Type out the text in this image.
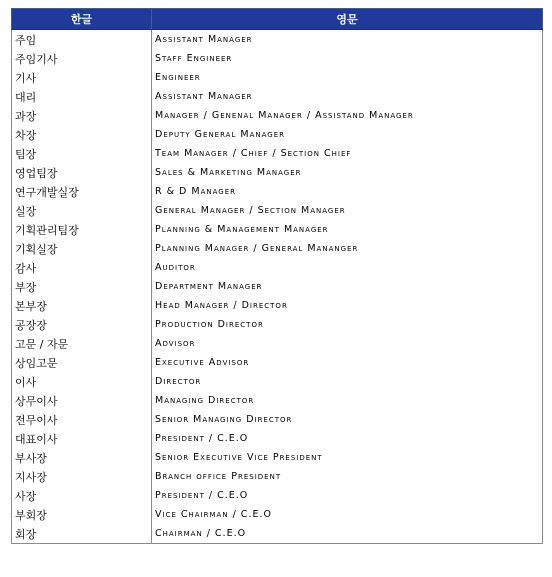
한글	영문
주임	Assistant Manager
주임기사	Staff Engineer
기사	Engineer
대리	Assistant Manager
과장	Manager / Genenal Manager / Assistand Manager
차장	Deputy General Manager
팀장	Team Manager / Chief / Section Chief
영업팀장	Sales & Marketing Manager
연구개발실장	R & D Manager
실장	General Manager / Section Manager
기획관리팀장	Planning & Management Manager
기획실장	Planning Manager / General Mananger
감사	Auditor
부장	Department Manager
본부장	Head Manager / Director
공장장	Production Director
고문 / 자문	Advisor
상임고문	Executive Advisor
이사	Director
상무이사	Managing Director
전무이사	Senior Managing Director
대표이사	President / C.E.O
부사장	Senior Executive Vice President
지사장	Branch office President
사장	President / C.E.O
부회장	Vice Chairman / C.E.O
회장	Chairman / C.E.O
